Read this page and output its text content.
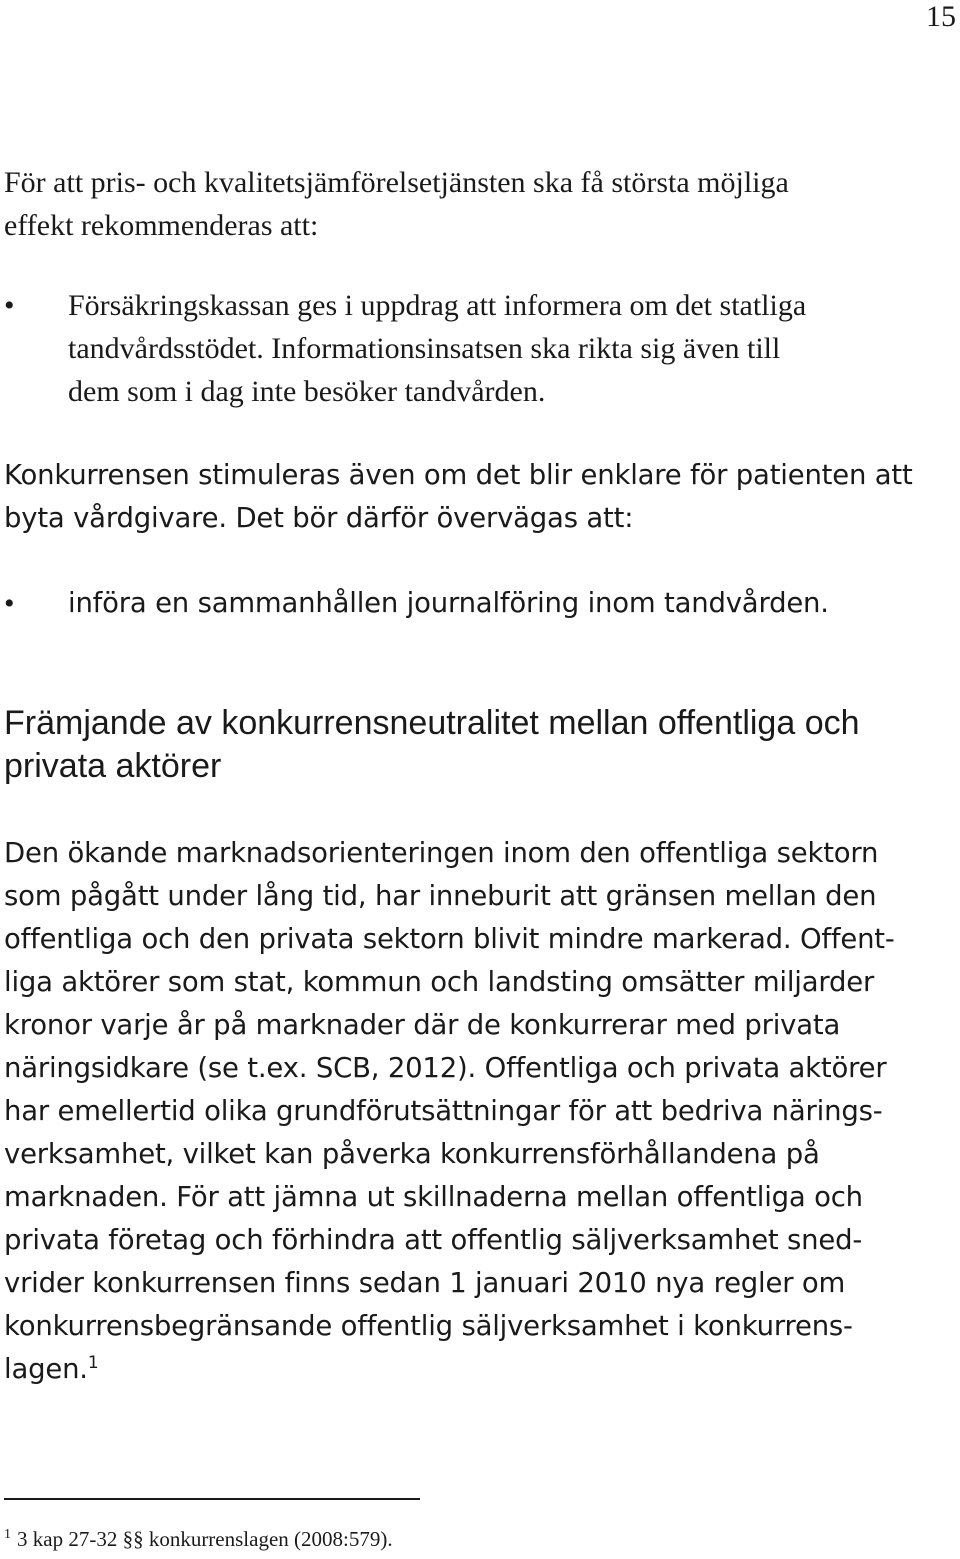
15

För att pris- och kvalitetsjämförelsetjänsten ska få största möjliga
effekt rekommenderas att:

• Försäkringskassan ges i uppdrag att informera om det statliga
tandvårdsstödet. Informationsinsatsen ska rikta sig även till
dem som i dag inte besöker tandvården.

Konkurrensen stimuleras även om det blir enklare för patienten att
byta vårdgivare. Det bör därför övervägas att:

• införa en sammanhållen journalföring inom tandvården.
Främjande av konkurrensneutralitet mellan offentliga och
privata aktörer

Den ökande marknadsorienteringen inom den offentliga sektorn
som pågått under lång tid, har inneburit att gränsen mellan den
offentliga och den privata sektorn blivit mindre markerad. Offent-
liga aktörer som stat, kommun och landsting omsätter miljarder
kronor varje år på marknader där de konkurrerar med privata
näringsidkare (se t.ex. SCB, 2012). Offentliga och privata aktörer
har emellertid olika grundförutsättningar för att bedriva närings-
verksamhet, vilket kan påverka konkurrensförhållandena på
marknaden. För att jämna ut skillnaderna mellan offentliga och
privata företag och förhindra att offentlig säljverksamhet sned-
vrider konkurrensen finns sedan 1 januari 2010 nya regler om
konkurrensbegränsande offentlig säljverksamhet i konkurrens-
lagen.$^1$

$^1$ 3 kap 27-32 §§ konkurrenslagen (2008:579).
